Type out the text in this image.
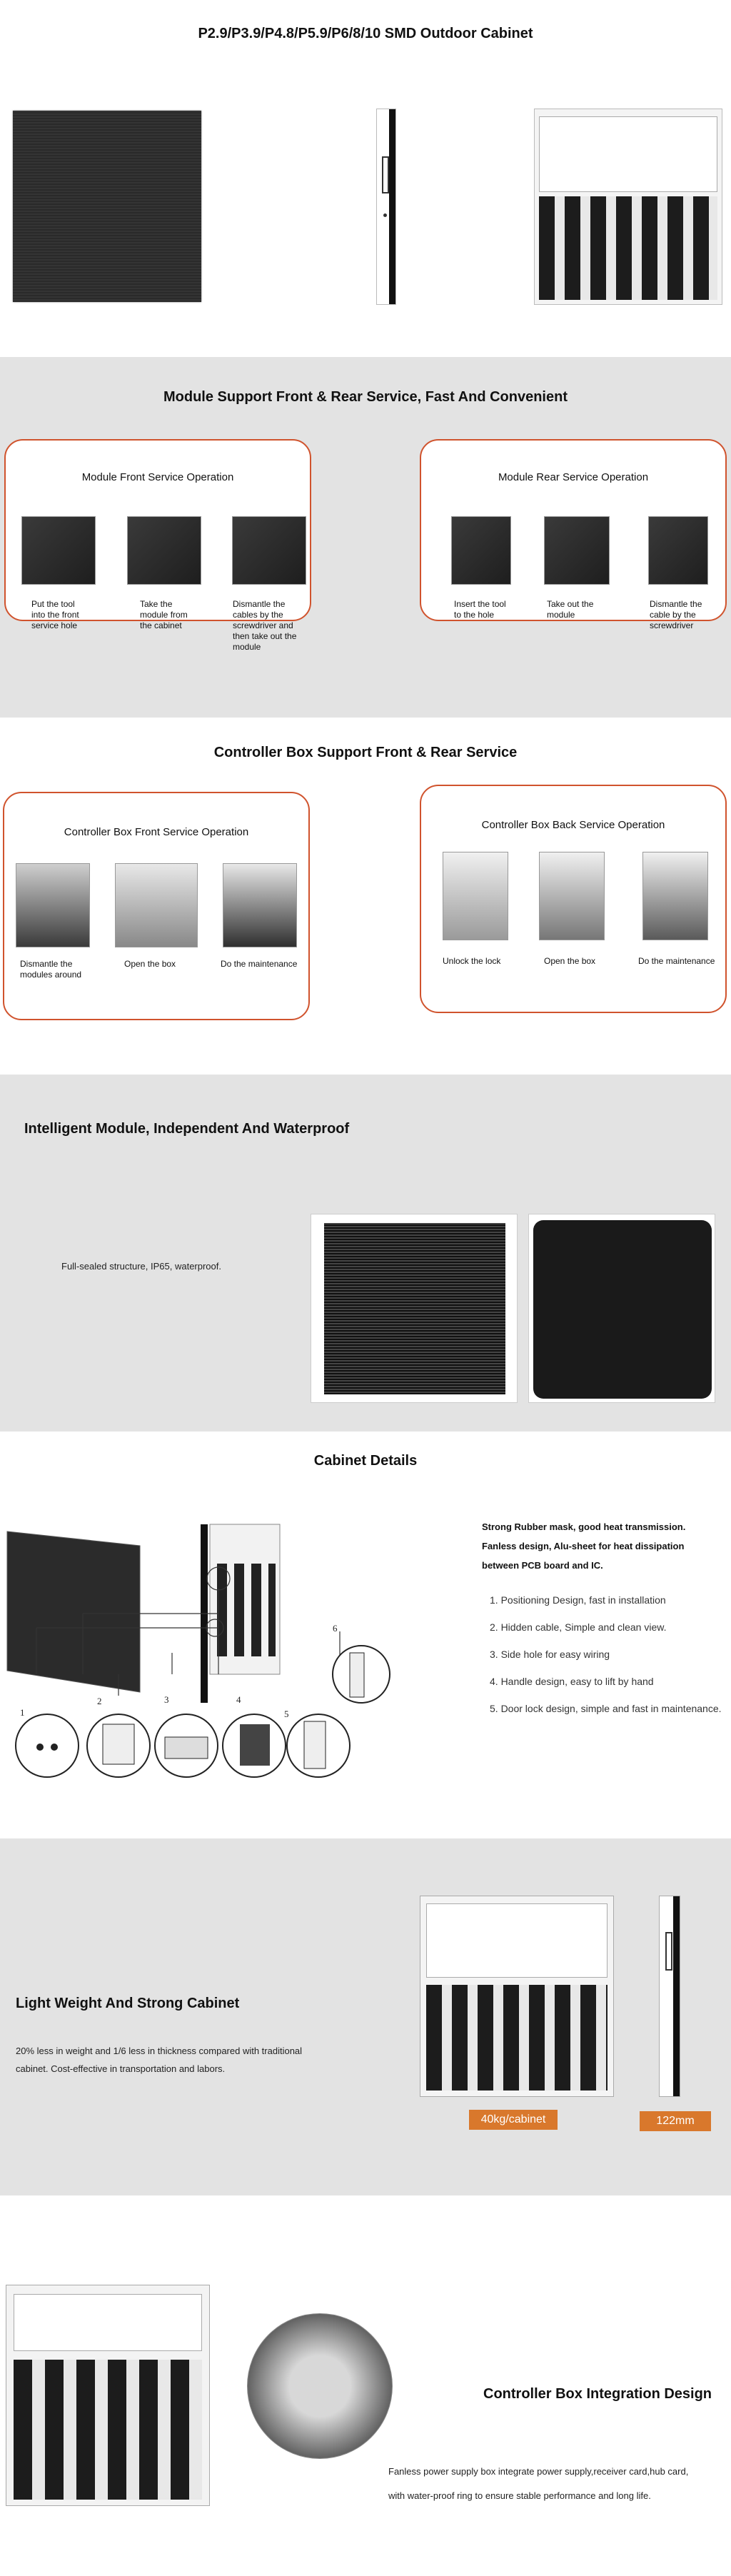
P2.9/P3.9/P4.8/P5.9/P6/8/10 SMD Outdoor Cabinet
Module Support Front & Rear Service, Fast And Convenient
Module Front Service Operation
Put the tool into the front service hole
Take the module from the cabinet
Dismantle the cables by the screwdriver and then take out the module
Module Rear Service Operation
Insert the tool to the hole
Take out the module
Dismantle the cable by the screwdriver
Controller Box Support Front & Rear Service
Controller Box Front Service Operation
Dismantle the modules around
Open the box	Do the maintenance
Controller Box Back Service Operation
Unlock the lock	Open the box	Do the maintenance
Intelligent Module, Independent And Waterproof
Full-sealed structure, IP65, waterproof.
Cabinet Details
1
2	3	4
5
6
Strong Rubber mask, good heat transmission.
Fanless design, Alu-sheet for heat dissipation
between PCB board and IC.
1. Positioning Design, fast in installation
2. Hidden cable, Simple and clean view.
3. Side hole for easy wiring
4. Handle design, easy to lift by hand
5. Door lock design, simple and fast in maintenance.
Light Weight And Strong Cabinet
20% less in weight and 1/6 less in thickness compared with traditional
cabinet. Cost-effective in transportation and labors.
40kg/cabinet	122mm
Controller Box Integration Design
Fanless power supply box integrate power supply,receiver card,hub card,
with water-proof ring to ensure stable performance and long life.
